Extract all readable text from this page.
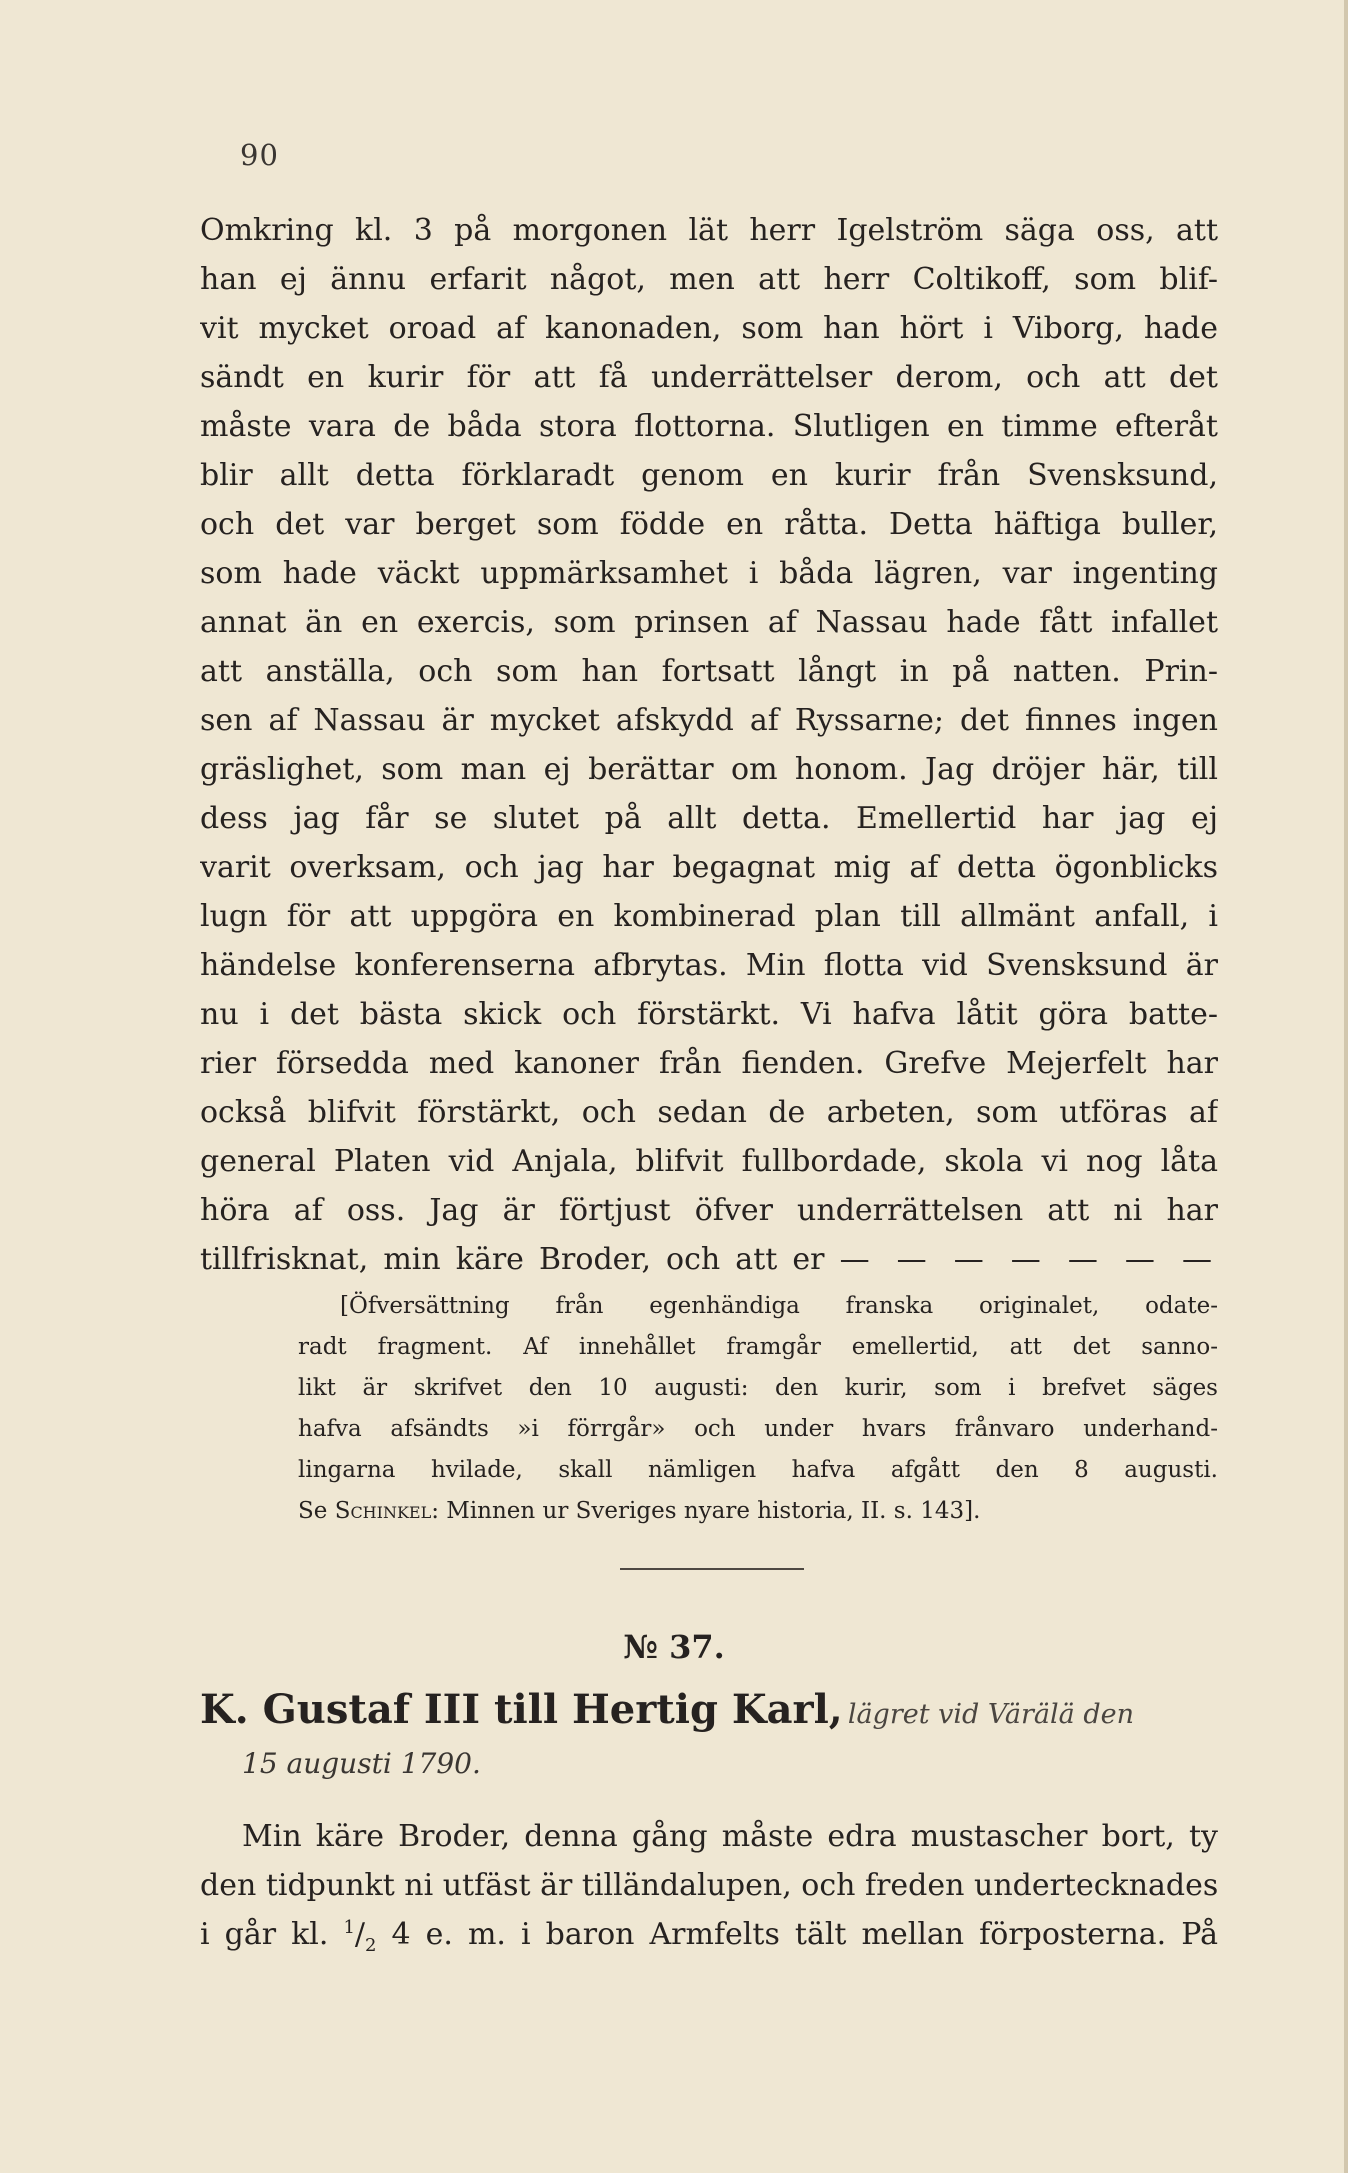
90
Omkring kl. 3 på morgonen lät herr Igelström säga oss, att
han ej ännu erfarit något, men att herr Coltikoff, som blif-
vit mycket oroad af kanonaden, som han hört i Viborg, hade
sändt en kurir för att få underrättelser derom, och att det
måste vara de båda stora flottorna. Slutligen en timme efteråt
blir allt detta förklaradt genom en kurir från Svensksund,
och det var berget som födde en råtta. Detta häftiga buller,
som hade väckt uppmärksamhet i båda lägren, var ingenting
annat än en exercis, som prinsen af Nassau hade fått infallet
att anställa, och som han fortsatt långt in på natten. Prin-
sen af Nassau är mycket afskydd af Ryssarne; det finnes ingen
gräslighet, som man ej berättar om honom. Jag dröjer här, till
dess jag får se slutet på allt detta. Emellertid har jag ej
varit overksam, och jag har begagnat mig af detta ögonblicks
lugn för att uppgöra en kombinerad plan till allmänt anfall, i
händelse konferenserna afbrytas. Min flotta vid Svensksund är
nu i det bästa skick och förstärkt. Vi hafva låtit göra batte-
rier försedda med kanoner från fienden. Grefve Mejerfelt har
också blifvit förstärkt, och sedan de arbeten, som utföras af
general Platen vid Anjala, blifvit fullbordade, skola vi nog låta
höra af oss. Jag är förtjust öfver underrättelsen att ni har
tillfrisknat, min käre Broder, och att er — — — — — — —
[Öfversättning från egenhändiga franska originalet, odate-
radt fragment. Af innehållet framgår emellertid, att det sanno-
likt är skrifvet den 10 augusti: den kurir, som i brefvet säges
hafva afsändts »i förrgår» och under hvars frånvaro underhand-
lingarna hvilade, skall nämligen hafva afgått den 8 augusti.
Se Schinkel: Minnen ur Sveriges nyare historia, II. s. 143].
№ 37.
K. Gustaf III till Hertig Karl, lägret vid Värälä den
15 augusti 1790.
Min käre Broder, denna gång måste edra mustascher bort, ty
den tidpunkt ni utfäst är tilländalupen, och freden undertecknades
i går kl. $^1/_2$ 4 e. m. i baron Armfelts tält mellan förposterna. På
